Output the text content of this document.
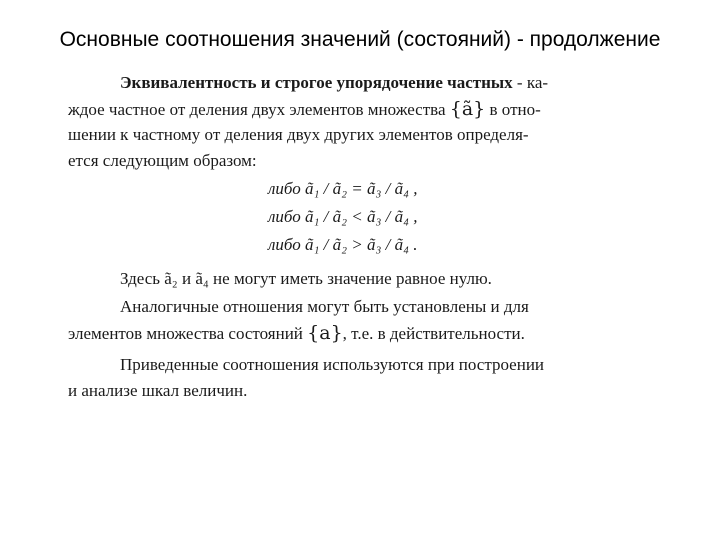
Основные соотношения значений (состояний) - продолжение
Эквивалентность и строгое упорядочение частных - ка-
ждое частное от деления двух элементов множества {ã} в отно-
шении к частному от деления двух других элементов определя-
ется следующим образом:
либо ã₁ / ã₂ = ã₃ / ã₄ ,
либо ã₁ / ã₂ < ã₃ / ã₄ ,
либо ã₁ / ã₂ > ã₃ / ã₄ .
Здесь ã₂ и ã₄ не могут иметь значение равное нулю.
Аналогичные отношения могут быть установлены и для
элементов множества состояний {a}, т.е. в действительности.
Приведенные соотношения используются при построении
и анализе шкал величин.
